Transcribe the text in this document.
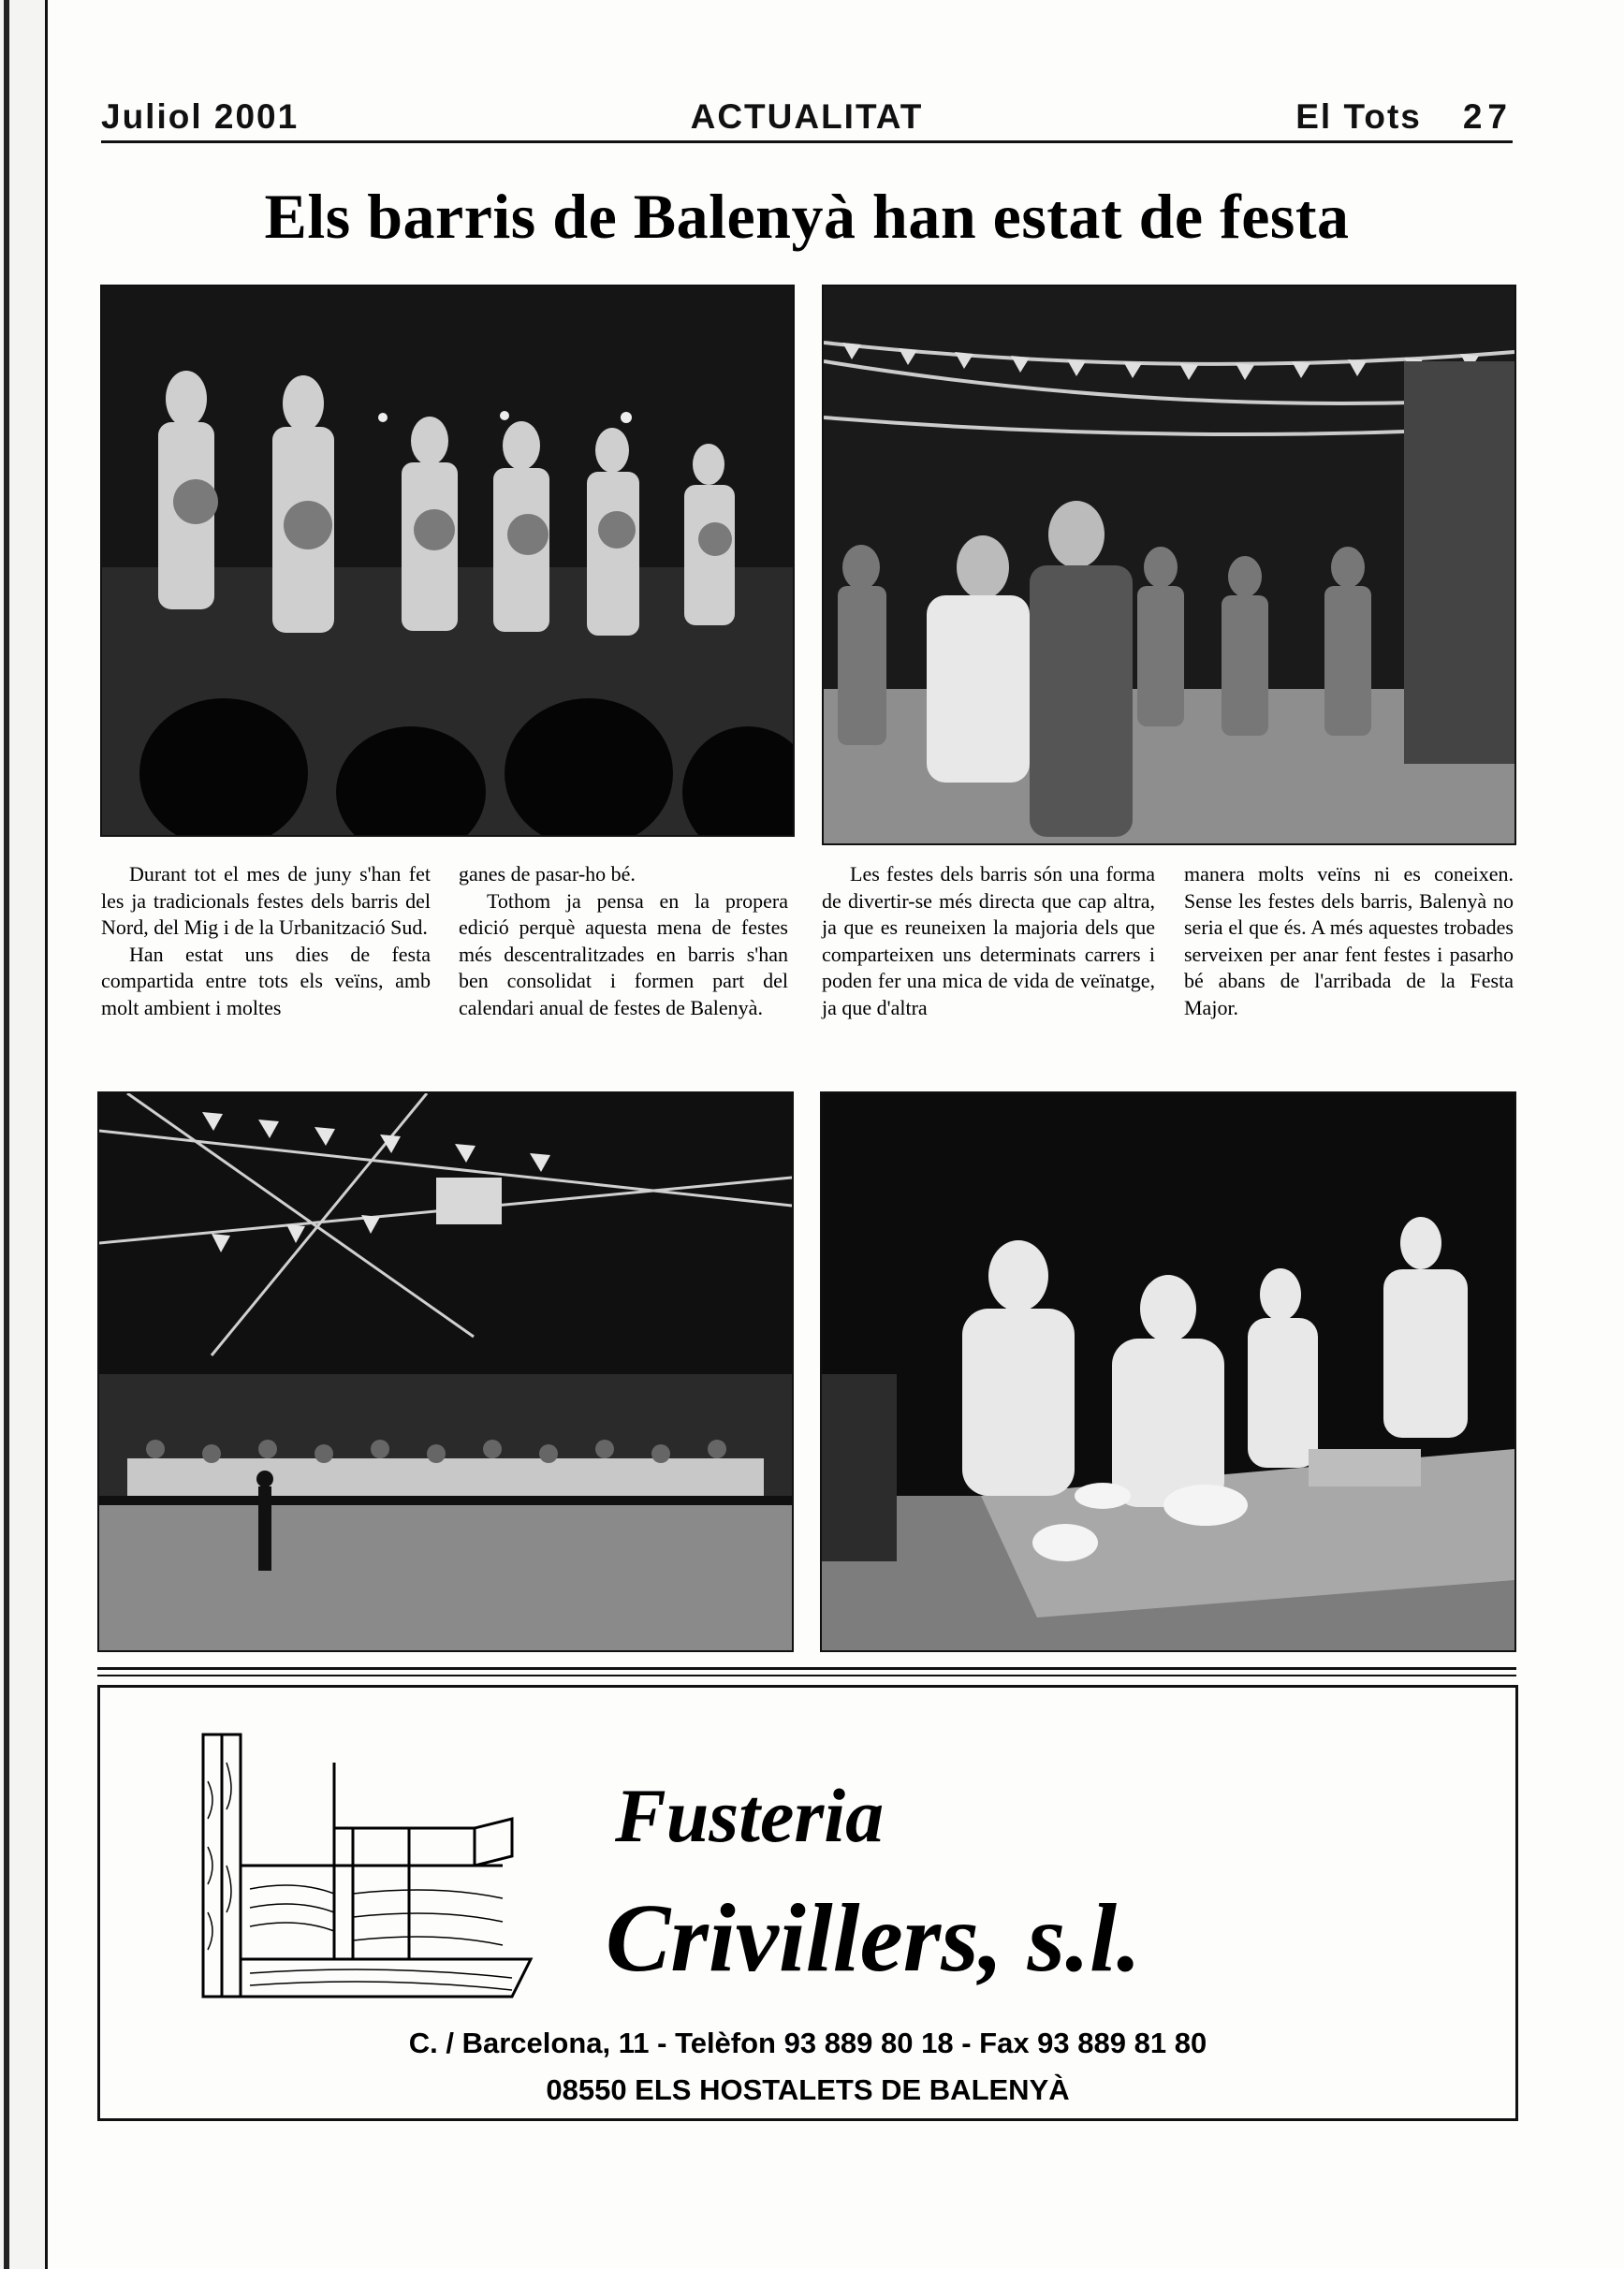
Juliol 2001	ACTUALITAT	El Tots 27
Els barris de Balenyà han estat de festa

Durant tot el mes de juny s'han fet les ja tradicionals festes dels barris del Nord, del Mig i de la Urbanització Sud.

Han estat uns dies de festa compartida entre tots els veïns, amb molt ambient i moltes

ganes de pasar-ho bé.

Tothom ja pensa en la propera edició perquè aquesta mena de festes més descentralitzades en barris s'han ben consolidat i formen part del calendari anual de festes de Balenyà.

Les festes dels barris són una forma de divertir-se més directa que cap altra, ja que es reuneixen la majoria dels que comparteixen uns determinats carrers i poden fer una mica de vida de veïnatge, ja que d'altra

manera molts veïns ni es coneixen. Sense les festes dels barris, Balenyà no seria el que és. A més aquestes trobades serveixen per anar fent festes i pasarho bé abans de l'arribada de la Festa Major.

Fusteria
Crivillers, s.l.
C. / Barcelona, 11 - Telèfon 93 889 80 18 - Fax 93 889 81 80
08550 ELS HOSTALETS DE BALENYÀ
